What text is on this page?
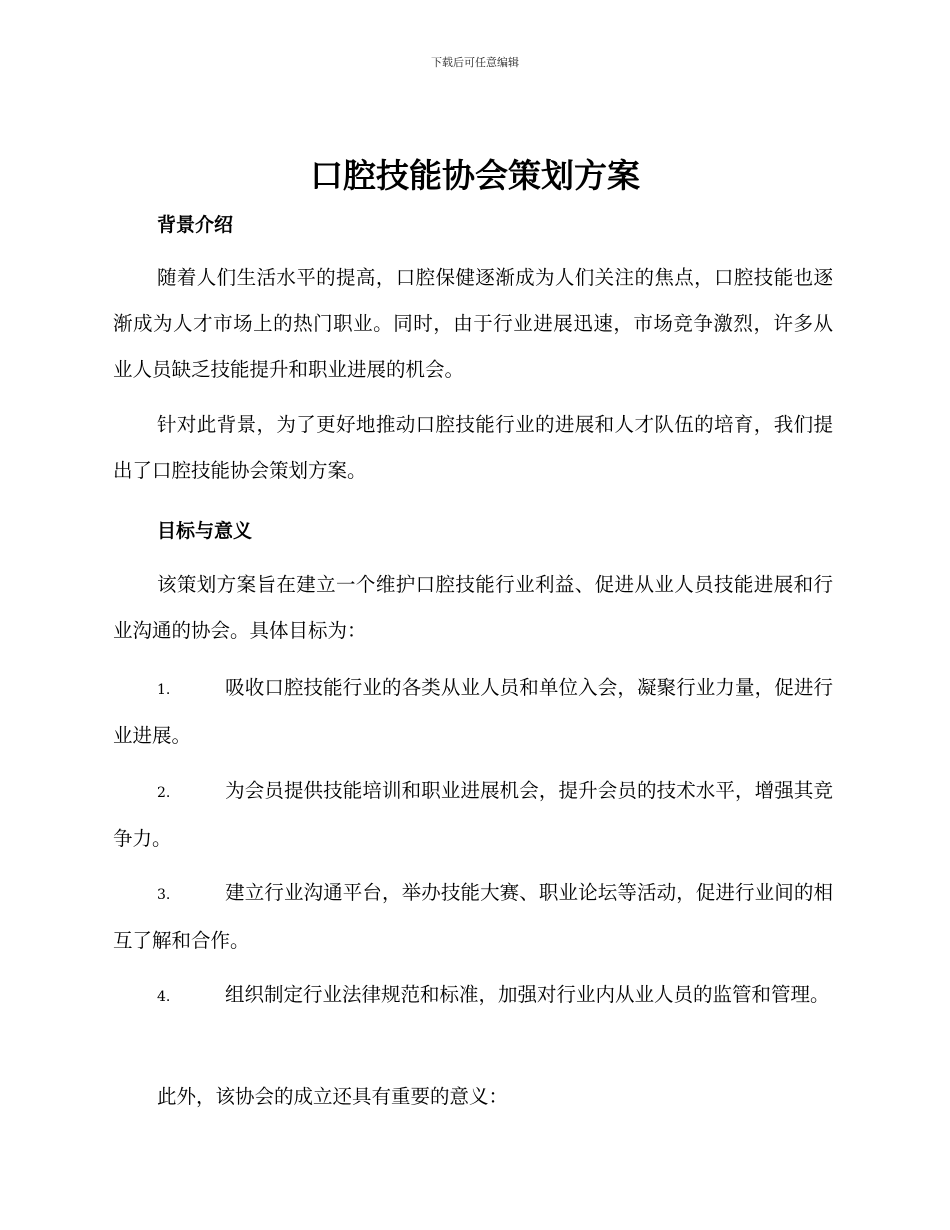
下载后可任意编辑
口腔技能协会策划方案
背景介绍

随着人们生活水平的提高，口腔保健逐渐成为人们关注的焦点，口腔技能也逐渐成为人才市场上的热门职业。同时，由于行业进展迅速，市场竞争激烈，许多从业人员缺乏技能提升和职业进展的机会。

针对此背景，为了更好地推动口腔技能行业的进展和人才队伍的培育，我们提出了口腔技能协会策划方案。

目标与意义

该策划方案旨在建立一个维护口腔技能行业利益、促进从业人员技能进展和行业沟通的协会。具体目标为：

1.	吸收口腔技能行业的各类从业人员和单位入会，凝聚行业力量，促进行业进展。
2.	为会员提供技能培训和职业进展机会，提升会员的技术水平，增强其竞争力。
3.	建立行业沟通平台，举办技能大赛、职业论坛等活动，促进行业间的相互了解和合作。
4.	组织制定行业法律规范和标准，加强对行业内从业人员的监管和管理。

此外，该协会的成立还具有重要的意义：
